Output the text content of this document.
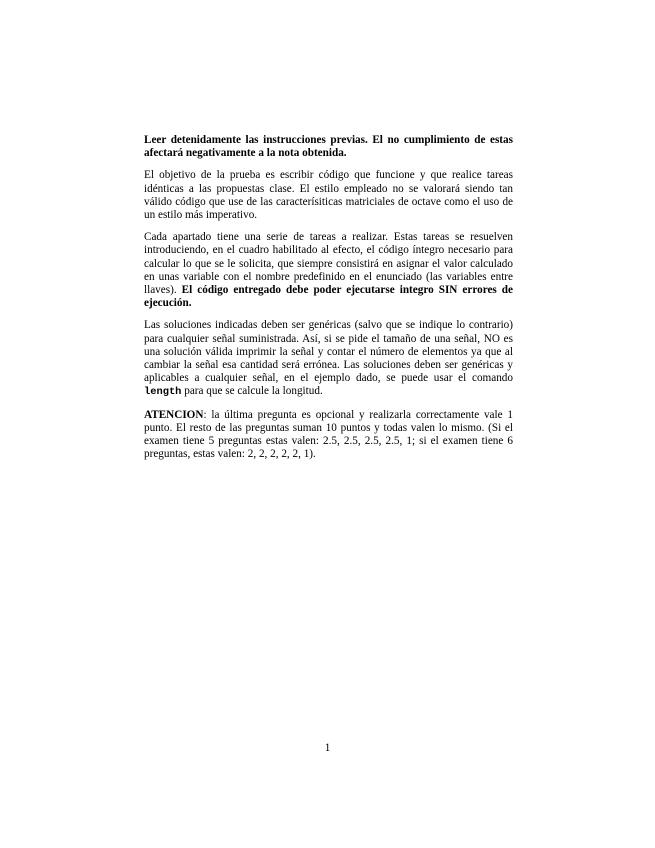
Leer detenidamente las instrucciones previas. El no cumplimiento de estas afectará negativamente a la nota obtenida.

El objetivo de la prueba es escribir código que funcione y que realice tareas idénticas a las propuestas clase. El estilo empleado no se valorará siendo tan válido código que use de las caracterísiticas matriciales de octave como el uso de un estilo más imperativo.

Cada apartado tiene una serie de tareas a realizar. Estas tareas se resuelven introduciendo, en el cuadro habilitado al efecto, el código íntegro necesario para calcular lo que se le solicita, que siempre consistirá en asignar el valor calculado en unas variable con el nombre predefinido en el enunciado (las variables entre llaves). El código entregado debe poder ejecutarse integro SIN errores de ejecución.

Las soluciones indicadas deben ser genéricas (salvo que se indique lo contrario) para cualquier señal suministrada. Así, si se pide el tamaño de una señal, NO es una solución válida imprimir la señal y contar el número de elementos ya que al cambiar la señal esa cantidad será errónea. Las soluciones deben ser genéricas y aplicables a cualquier señal, en el ejemplo dado, se puede usar el comando length para que se calcule la longitud.

ATENCION: la última pregunta es opcional y realizarla correctamente vale 1 punto. El resto de las preguntas suman 10 puntos y todas valen lo mismo. (Si el examen tiene 5 preguntas estas valen: 2.5, 2.5, 2.5, 2.5, 1; si el examen tiene 6 preguntas, estas valen: 2, 2, 2, 2, 2, 1).

1
